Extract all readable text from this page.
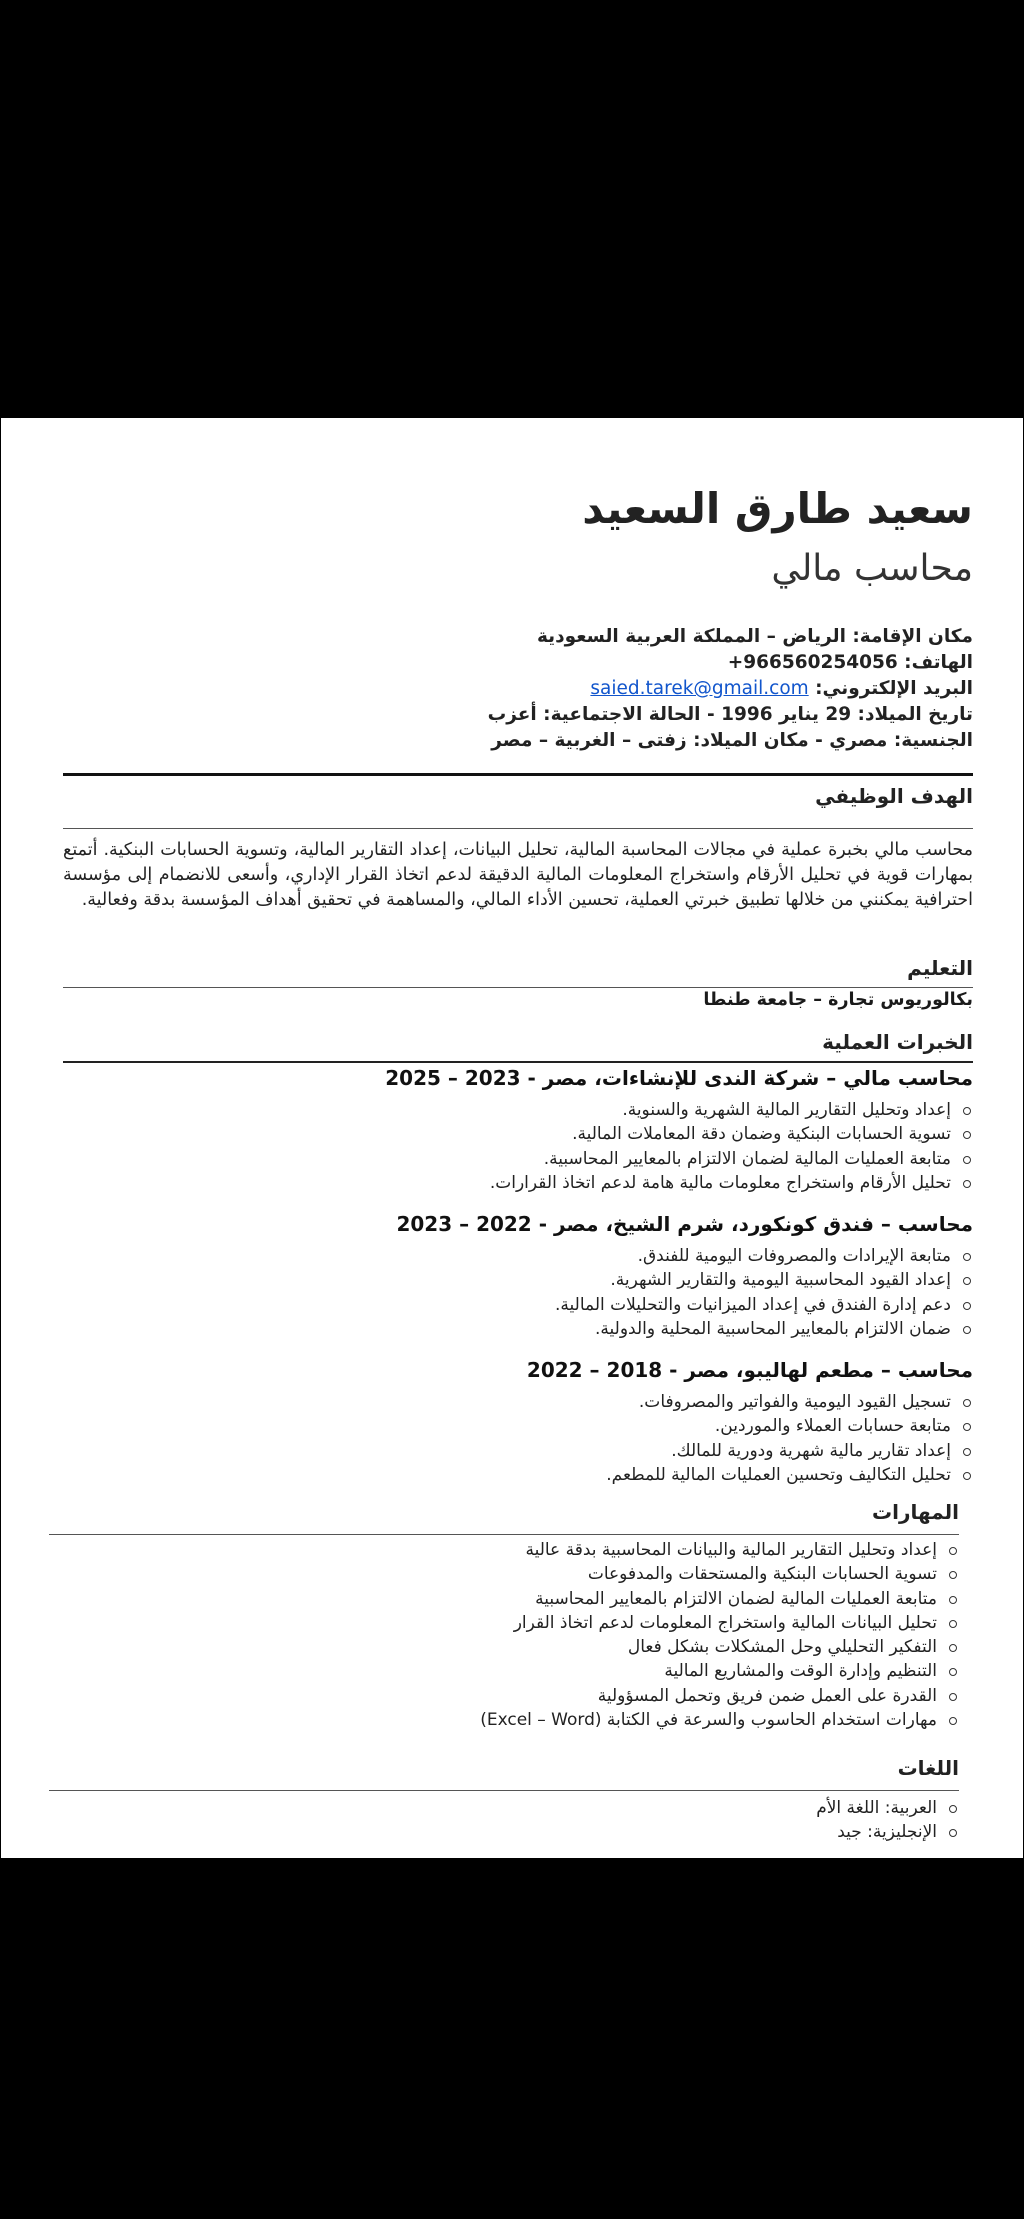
سعيد طارق السعيد
محاسب مالي
مكان الإقامة: الرياض – المملكة العربية السعودية
الهاتف: 966560254056+
البريد الإلكتروني: saied.tarek@gmail.com
تاريخ الميلاد: 29 يناير 1996 - الحالة الاجتماعية: أعزب
الجنسية: مصري - مكان الميلاد: زفتى – الغربية – مصر
الهدف الوظيفي
محاسب مالي بخبرة عملية في مجالات المحاسبة المالية، تحليل البيانات، إعداد التقارير المالية، وتسوية الحسابات البنكية. أتمتع بمهارات قوية في تحليل الأرقام واستخراج المعلومات المالية الدقيقة لدعم اتخاذ القرار الإداري، وأسعى للانضمام إلى مؤسسة احترافية يمكنني من خلالها تطبيق خبرتي العملية، تحسين الأداء المالي، والمساهمة في تحقيق أهداف المؤسسة بدقة وفعالية.
التعليم
بكالوريوس تجارة – جامعة طنطا
الخبرات العملية
محاسب مالي – شركة الندى للإنشاءات، مصر - 2023 – 2025
إعداد وتحليل التقارير المالية الشهرية والسنوية.
تسوية الحسابات البنكية وضمان دقة المعاملات المالية.
متابعة العمليات المالية لضمان الالتزام بالمعايير المحاسبية.
تحليل الأرقام واستخراج معلومات مالية هامة لدعم اتخاذ القرارات.
محاسب – فندق كونكورد، شرم الشيخ، مصر - 2022 – 2023
متابعة الإيرادات والمصروفات اليومية للفندق.
إعداد القيود المحاسبية اليومية والتقارير الشهرية.
دعم إدارة الفندق في إعداد الميزانيات والتحليلات المالية.
ضمان الالتزام بالمعايير المحاسبية المحلية والدولية.
محاسب – مطعم لهاليبو، مصر - 2018 – 2022
تسجيل القيود اليومية والفواتير والمصروفات.
متابعة حسابات العملاء والموردين.
إعداد تقارير مالية شهرية ودورية للمالك.
تحليل التكاليف وتحسين العمليات المالية للمطعم.
المهارات
إعداد وتحليل التقارير المالية والبيانات المحاسبية بدقة عالية
تسوية الحسابات البنكية والمستحقات والمدفوعات
متابعة العمليات المالية لضمان الالتزام بالمعايير المحاسبية
تحليل البيانات المالية واستخراج المعلومات لدعم اتخاذ القرار
التفكير التحليلي وحل المشكلات بشكل فعال
التنظيم وإدارة الوقت والمشاريع المالية
القدرة على العمل ضمن فريق وتحمل المسؤولية
مهارات استخدام الحاسوب والسرعة في الكتابة (Excel – Word)
اللغات
العربية: اللغة الأم
الإنجليزية: جيد
